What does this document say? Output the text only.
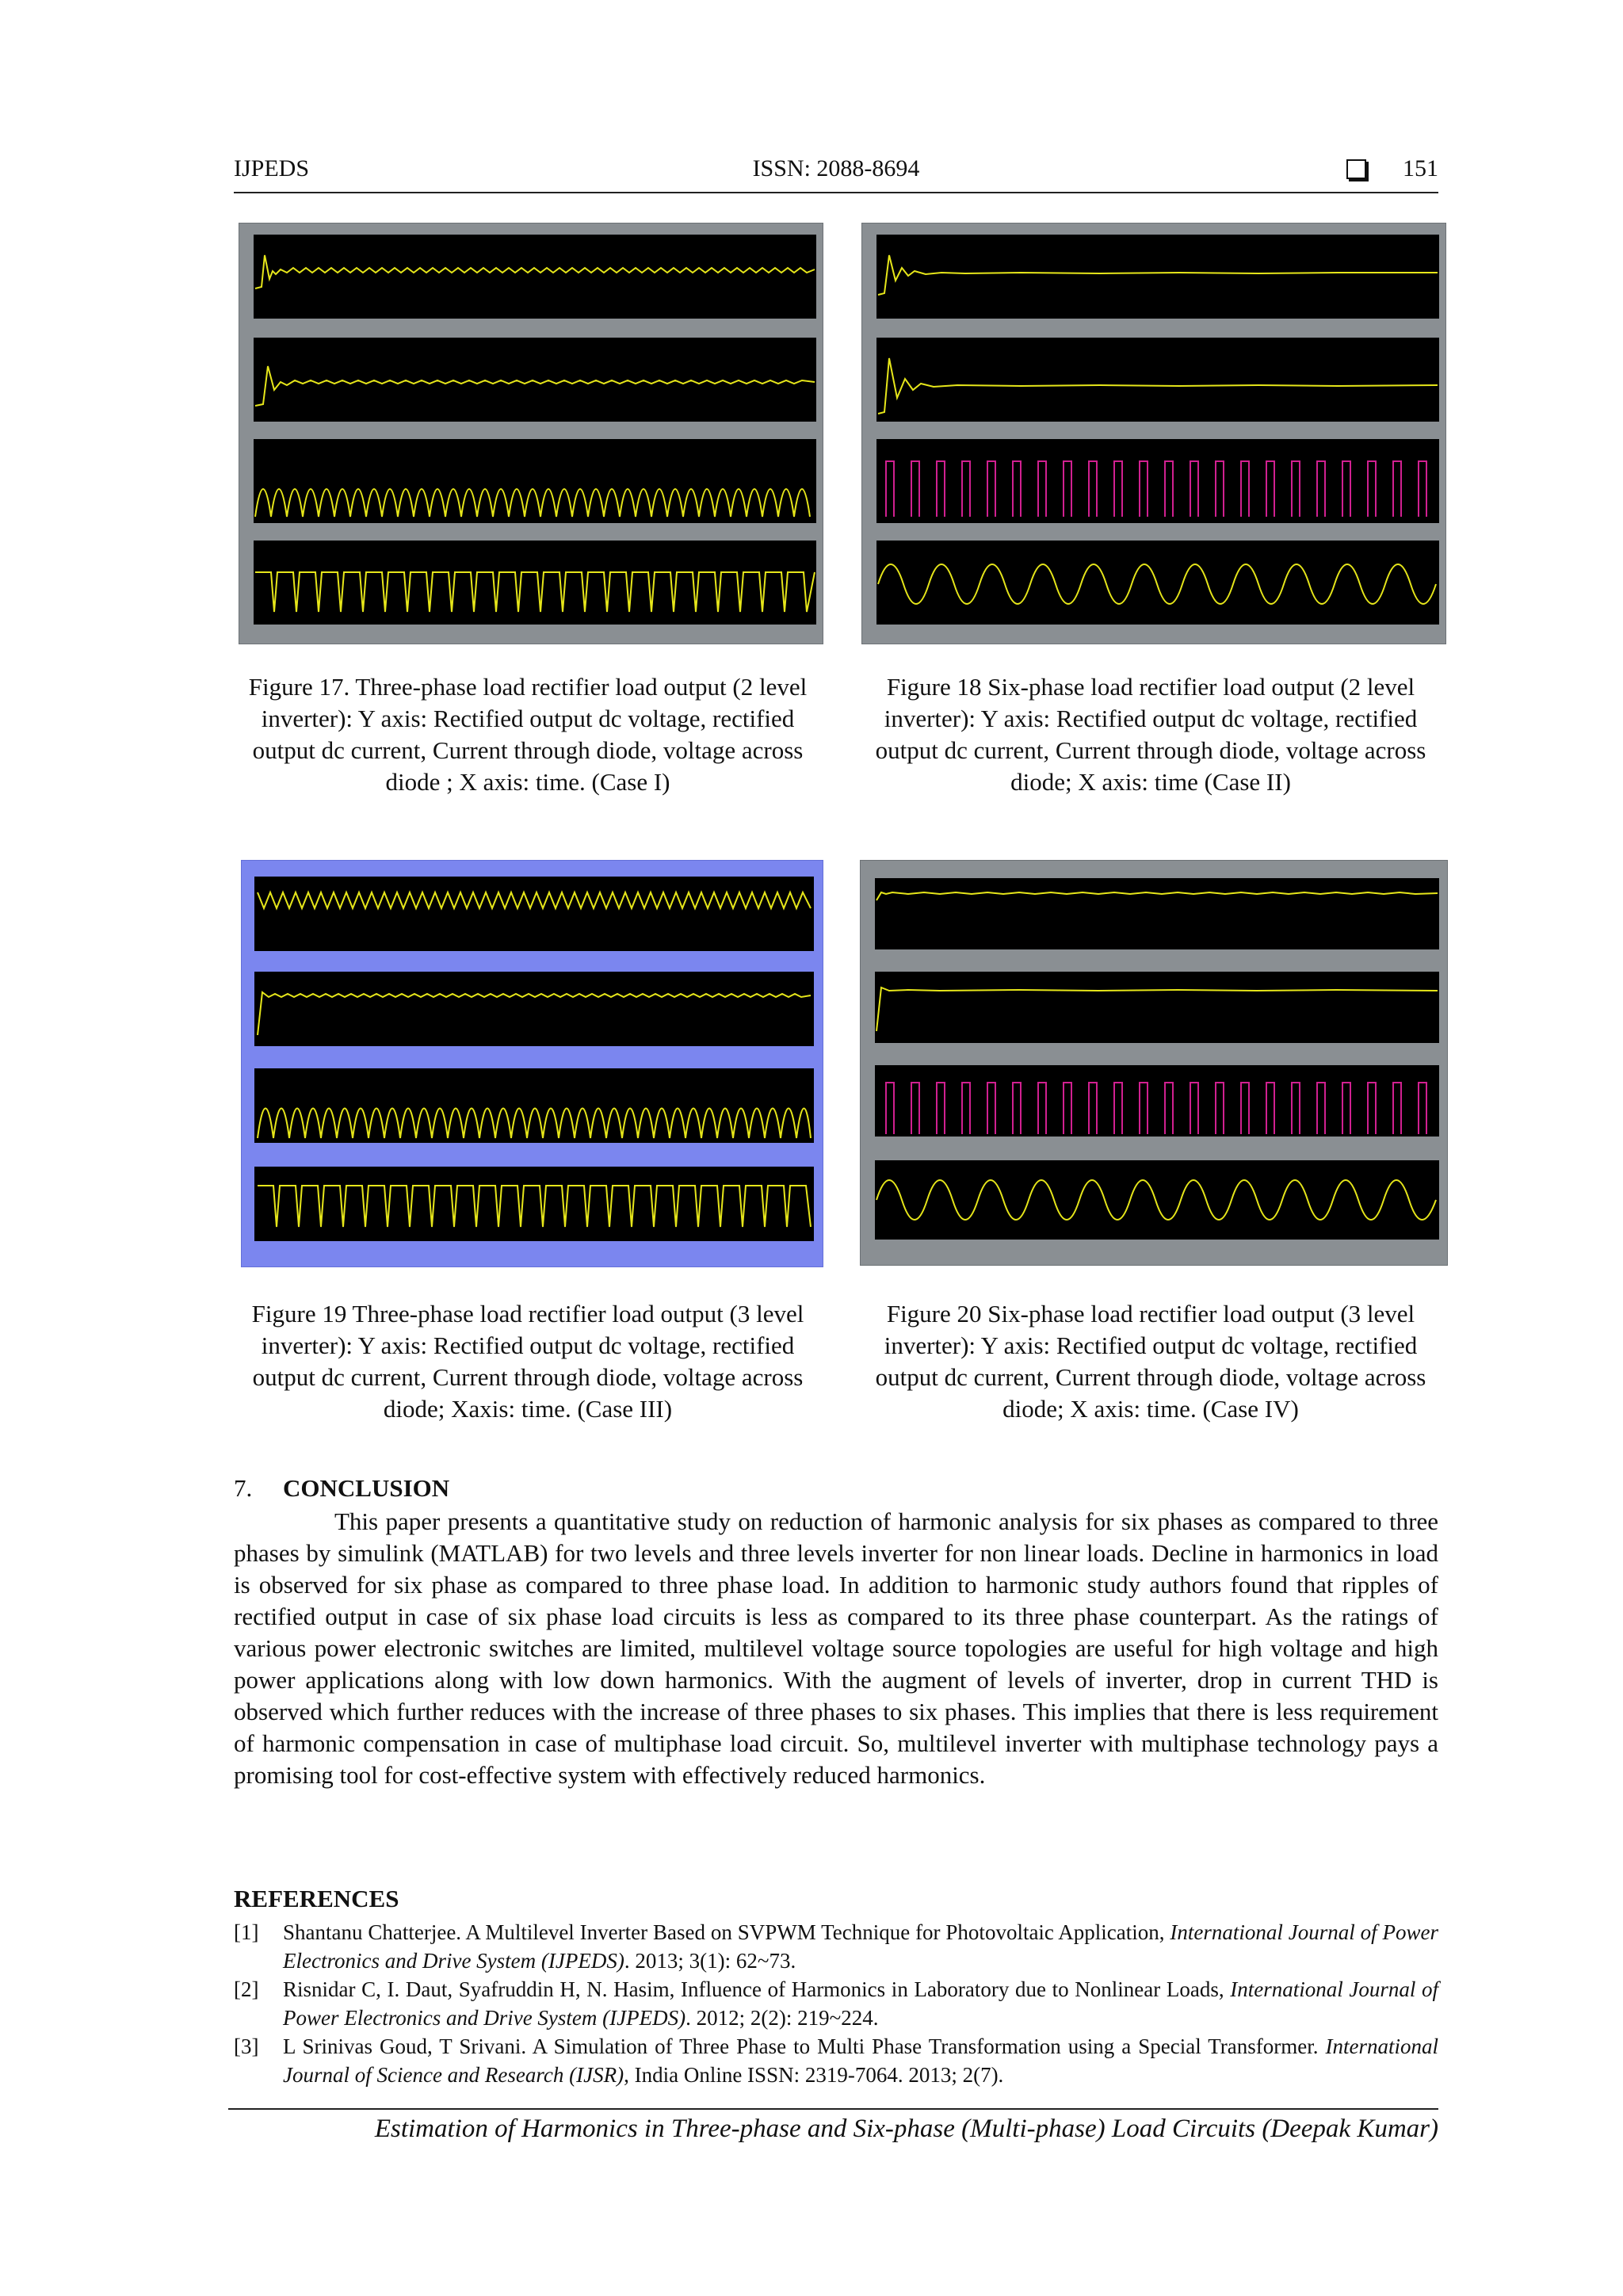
IJPEDS	ISSN: 2088-8694	151
Figure 17. Three-phase load rectifier load output (2 level inverter): Y axis: Rectified output dc voltage, rectified output dc current, Current through diode, voltage across diode ; X axis: time. (Case I)
Figure 18 Six-phase load rectifier load output (2 level inverter): Y axis: Rectified output dc voltage, rectified output dc current, Current through diode, voltage across diode; X axis: time (Case II)
Figure 19 Three-phase load rectifier load output (3 level inverter): Y axis: Rectified output dc voltage, rectified output dc current, Current through diode, voltage across diode; Xaxis: time. (Case III)
Figure 20 Six-phase load rectifier load output (3 level inverter): Y axis: Rectified output dc voltage, rectified output dc current, Current through diode, voltage across diode; X axis: time. (Case IV)
7. CONCLUSION
This paper presents a quantitative study on reduction of harmonic analysis for six phases as compared to three phases by simulink (MATLAB) for two levels and three levels inverter for non linear loads. Decline in harmonics in load is observed for six phase as compared to three phase load. In addition to harmonic study authors found that ripples of rectified output in case of six phase load circuits is less as compared to its three phase counterpart. As the ratings of various power electronic switches are limited, multilevel voltage source topologies are useful for high voltage and high power applications along with low down harmonics. With the augment of levels of inverter, drop in current THD is observed which further reduces with the increase of three phases to six phases. This implies that there is less requirement of harmonic compensation in case of multiphase load circuit. So, multilevel inverter with multiphase technology pays a promising tool for cost-effective system with effectively reduced harmonics.
REFERENCES
[1] Shantanu Chatterjee. A Multilevel Inverter Based on SVPWM Technique for Photovoltaic Application, International Journal of Power Electronics and Drive System (IJPEDS). 2013; 3(1): 62~73.
[2] Risnidar C, I. Daut, Syafruddin H, N. Hasim, Influence of Harmonics in Laboratory due to Nonlinear Loads, International Journal of Power Electronics and Drive System (IJPEDS). 2012; 2(2): 219~224.
[3] L Srinivas Goud, T Srivani. A Simulation of Three Phase to Multi Phase Transformation using a Special Transformer. International Journal of Science and Research (IJSR), India Online ISSN: 2319-7064. 2013; 2(7).
Estimation of Harmonics in Three-phase and Six-phase (Multi-phase) Load Circuits (Deepak Kumar)
